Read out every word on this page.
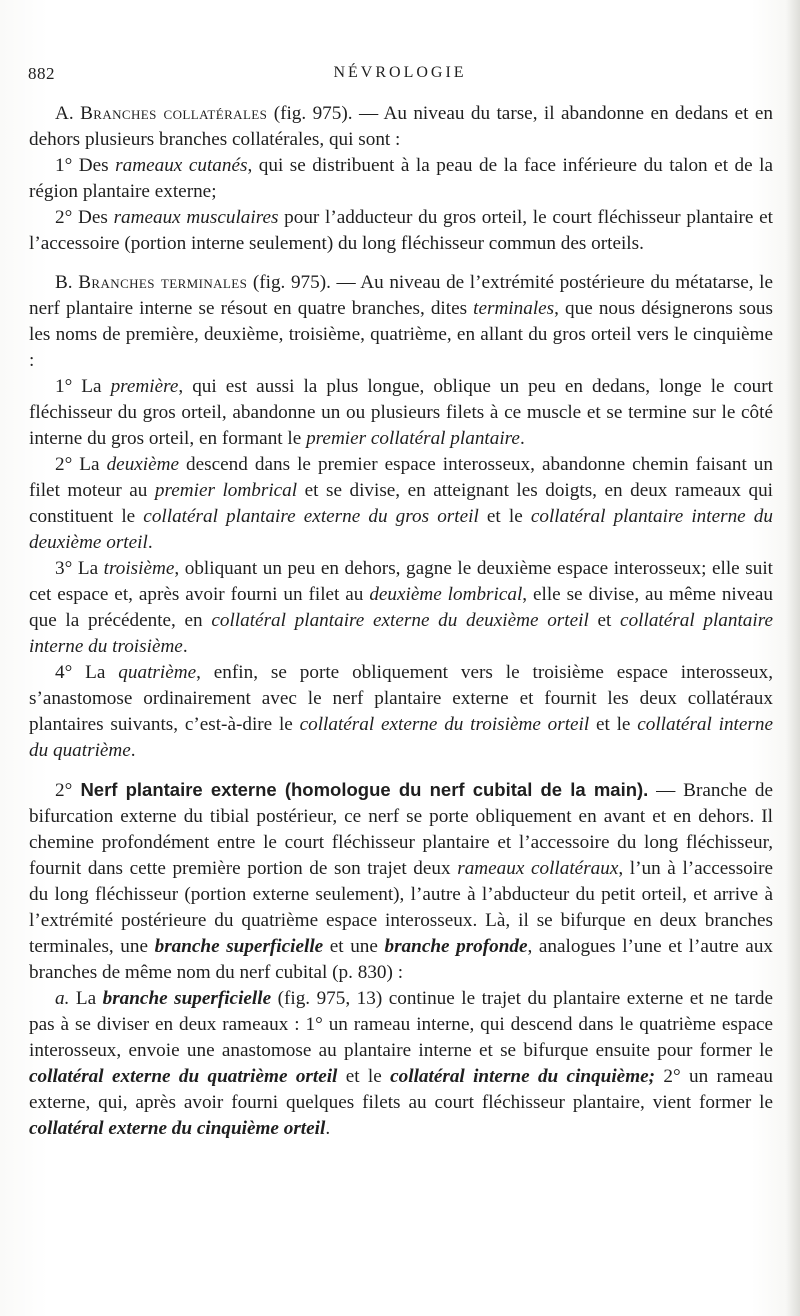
882	NÉVROLOGIE

A. Branches collatérales (fig. 975). — Au niveau du tarse, il abandonne en dedans et en dehors plusieurs branches collatérales, qui sont :

1° Des rameaux cutanés, qui se distribuent à la peau de la face inférieure du talon et de la région plantaire externe;

2° Des rameaux musculaires pour l’adducteur du gros orteil, le court fléchisseur plantaire et l’accessoire (portion interne seulement) du long fléchisseur commun des orteils.

B. Branches terminales (fig. 975). — Au niveau de l’extrémité postérieure du métatarse, le nerf plantaire interne se résout en quatre branches, dites terminales, que nous désignerons sous les noms de première, deuxième, troisième, quatrième, en allant du gros orteil vers le cinquième :

1° La première, qui est aussi la plus longue, oblique un peu en dedans, longe le court fléchisseur du gros orteil, abandonne un ou plusieurs filets à ce muscle et se termine sur le côté interne du gros orteil, en formant le premier collatéral plantaire.

2° La deuxième descend dans le premier espace interosseux, abandonne chemin faisant un filet moteur au premier lombrical et se divise, en atteignant les doigts, en deux rameaux qui constituent le collatéral plantaire externe du gros orteil et le collatéral plantaire interne du deuxième orteil.

3° La troisième, obliquant un peu en dehors, gagne le deuxième espace interosseux; elle suit cet espace et, après avoir fourni un filet au deuxième lombrical, elle se divise, au même niveau que la précédente, en collatéral plantaire externe du deuxième orteil et collatéral plantaire interne du troisième.

4° La quatrième, enfin, se porte obliquement vers le troisième espace interosseux, s’anastomose ordinairement avec le nerf plantaire externe et fournit les deux collatéraux plantaires suivants, c’est-à-dire le collatéral externe du troisième orteil et le collatéral interne du quatrième.

2° Nerf plantaire externe (homologue du nerf cubital de la main). — Branche de bifurcation externe du tibial postérieur, ce nerf se porte obliquement en avant et en dehors. Il chemine profondément entre le court fléchisseur plantaire et l’accessoire du long fléchisseur, fournit dans cette première portion de son trajet deux rameaux collatéraux, l’un à l’accessoire du long fléchisseur (portion externe seulement), l’autre à l’abducteur du petit orteil, et arrive à l’extrémité postérieure du quatrième espace interosseux. Là, il se bifurque en deux branches terminales, une branche superficielle et une branche profonde, analogues l’une et l’autre aux branches de même nom du nerf cubital (p. 830) :

a. La branche superficielle (fig. 975, 13) continue le trajet du plantaire externe et ne tarde pas à se diviser en deux rameaux : 1° un rameau interne, qui descend dans le quatrième espace interosseux, envoie une anastomose au plantaire interne et se bifurque ensuite pour former le collatéral externe du quatrième orteil et le collatéral interne du cinquième; 2° un rameau externe, qui, après avoir fourni quelques filets au court fléchisseur plantaire, vient former le collatéral externe du cinquième orteil.
